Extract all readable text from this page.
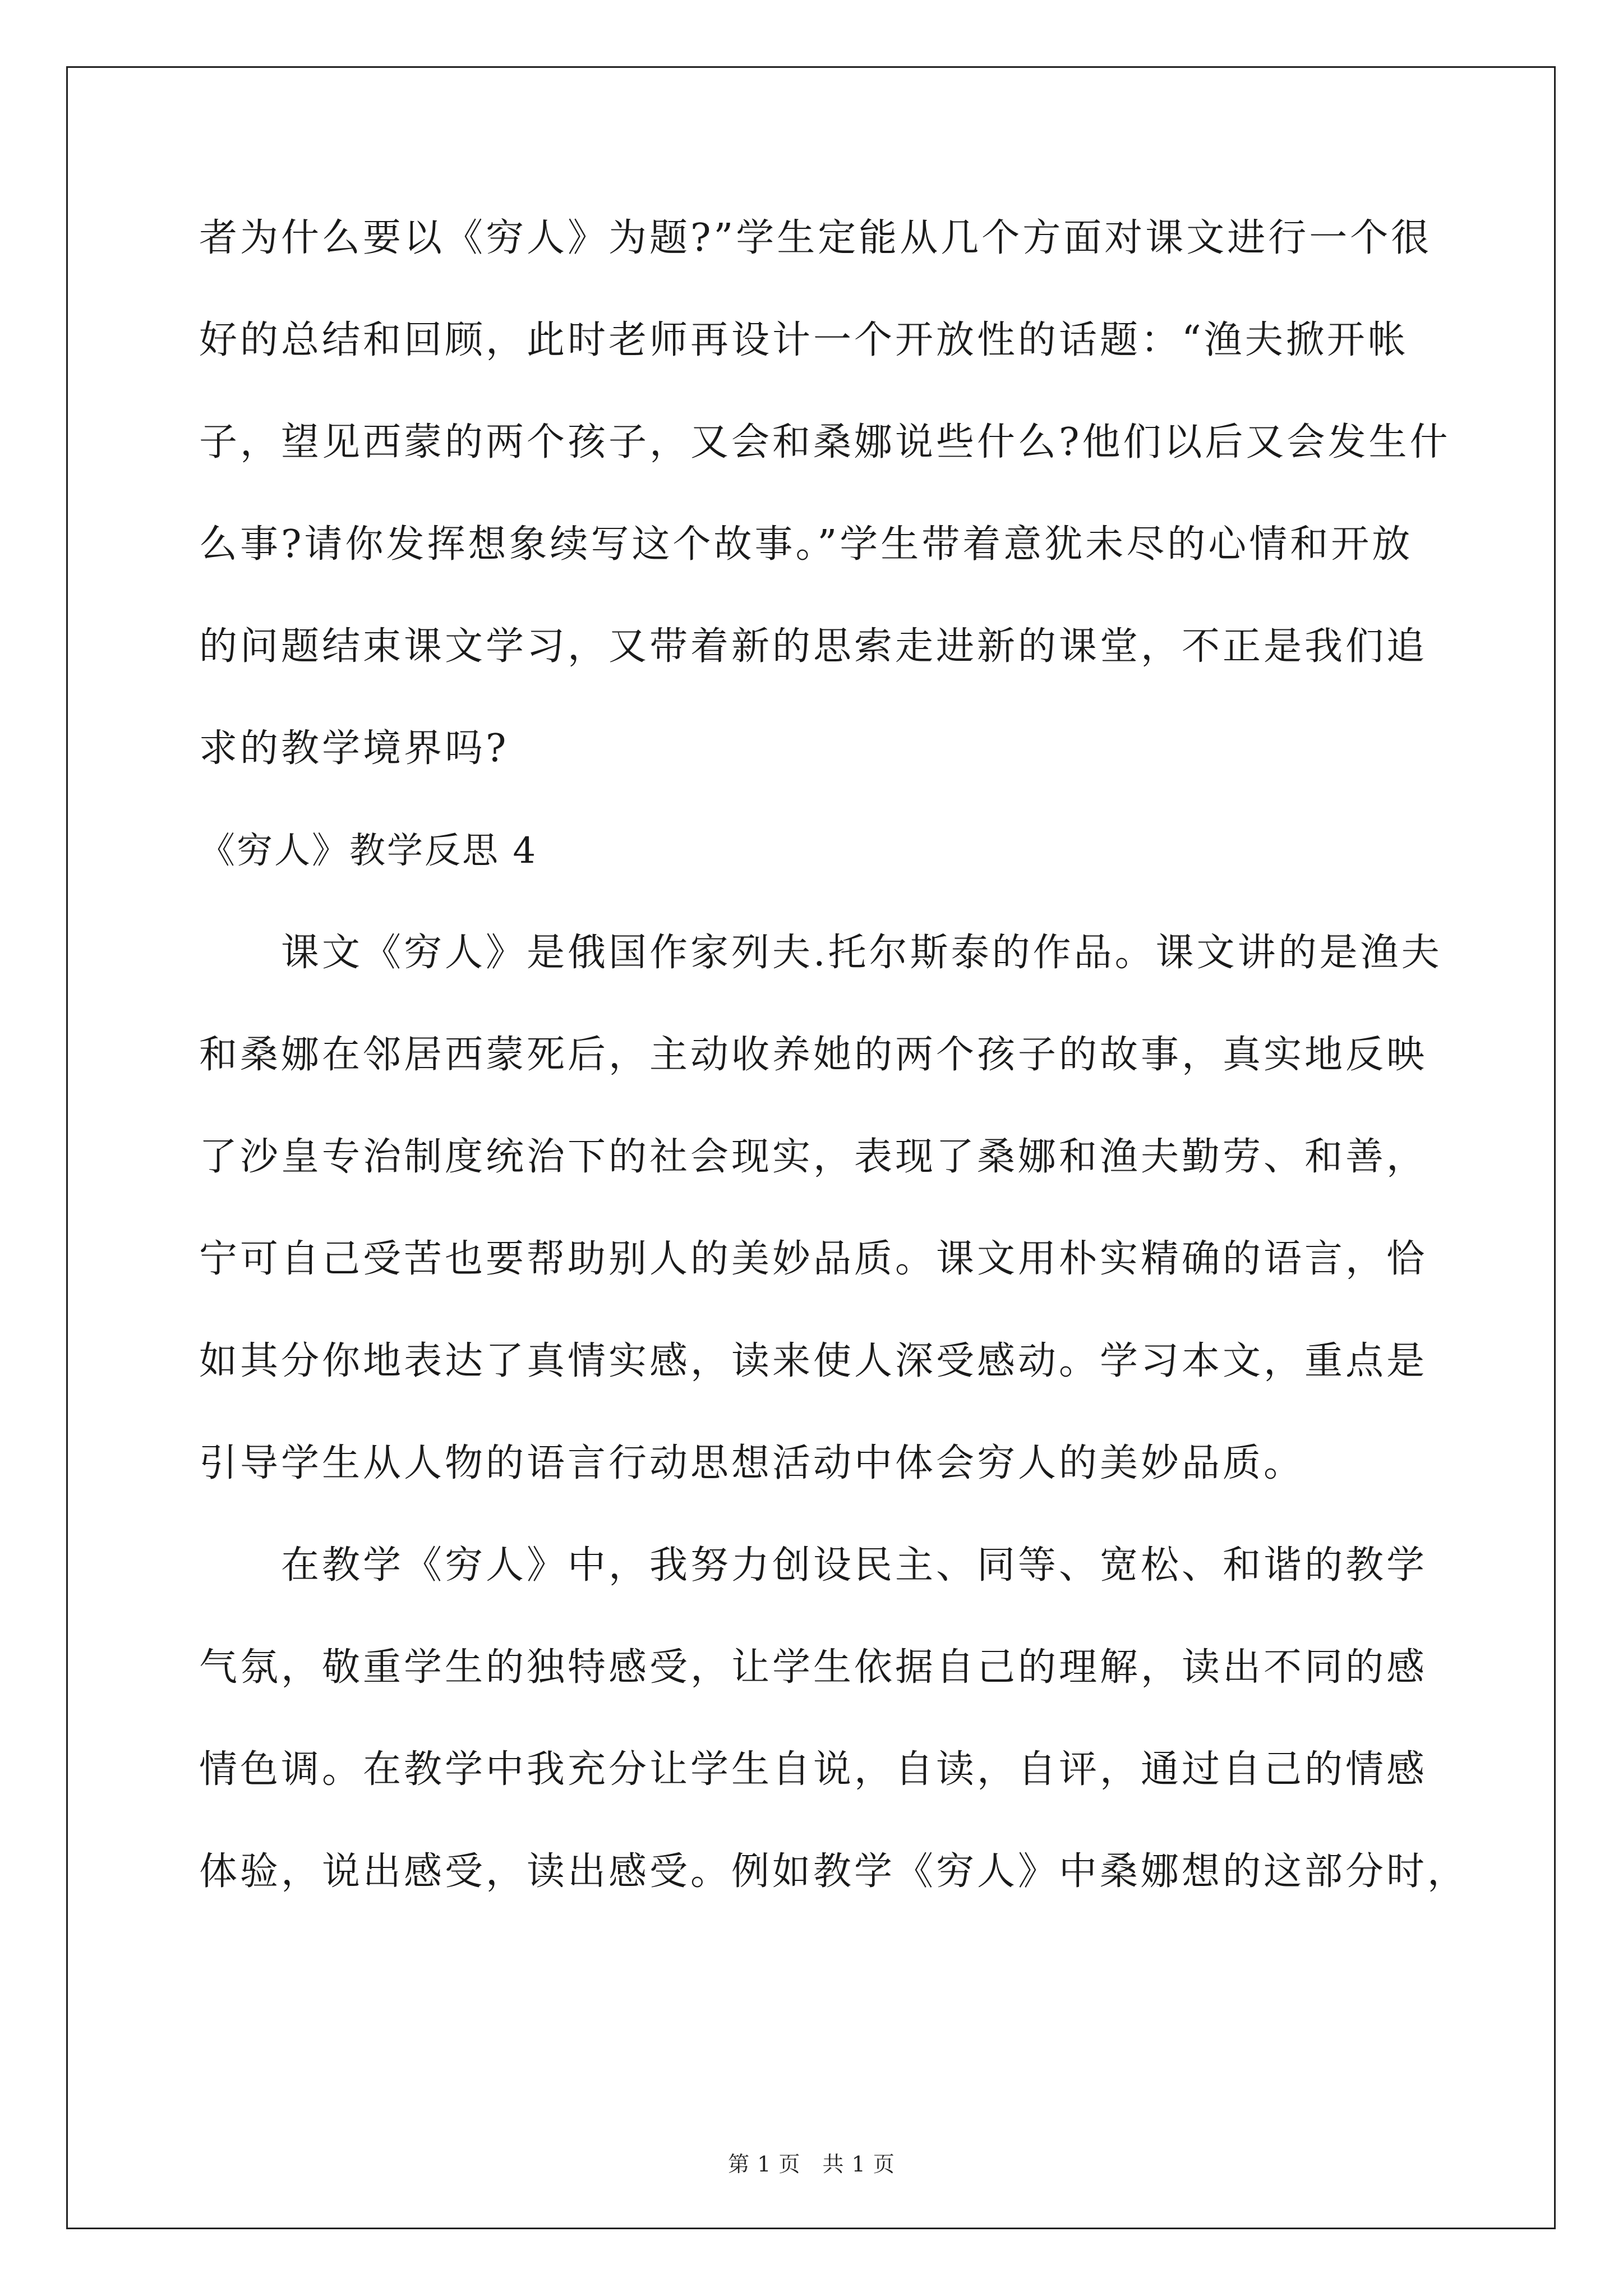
者为什么要以《穷人》为题?”学生定能从几个方面对课文进行一个很
好的总结和回顾，此时老师再设计一个开放性的话题：“渔夫掀开帐
子，望见西蒙的两个孩子，又会和桑娜说些什么?他们以后又会发生什
么事?请你发挥想象续写这个故事。”学生带着意犹未尽的心情和开放
的问题结束课文学习，又带着新的思索走进新的课堂，不正是我们追
求的教学境界吗?
《穷人》教学反思 4
　　课文《穷人》是俄国作家列夫.托尔斯泰的作品。课文讲的是渔夫
和桑娜在邻居西蒙死后，主动收养她的两个孩子的故事，真实地反映
了沙皇专治制度统治下的社会现实，表现了桑娜和渔夫勤劳、和善，
宁可自己受苦也要帮助别人的美妙品质。课文用朴实精确的语言，恰
如其分你地表达了真情实感，读来使人深受感动。学习本文，重点是
引导学生从人物的语言行动思想活动中体会穷人的美妙品质。
　　在教学《穷人》中，我努力创设民主、同等、宽松、和谐的教学
气氛，敬重学生的独特感受，让学生依据自己的理解，读出不同的感
情色调。在教学中我充分让学生自说，自读，自评，通过自己的情感
体验，说出感受，读出感受。例如教学《穷人》中桑娜想的这部分时，
第 1 页　共 1 页
